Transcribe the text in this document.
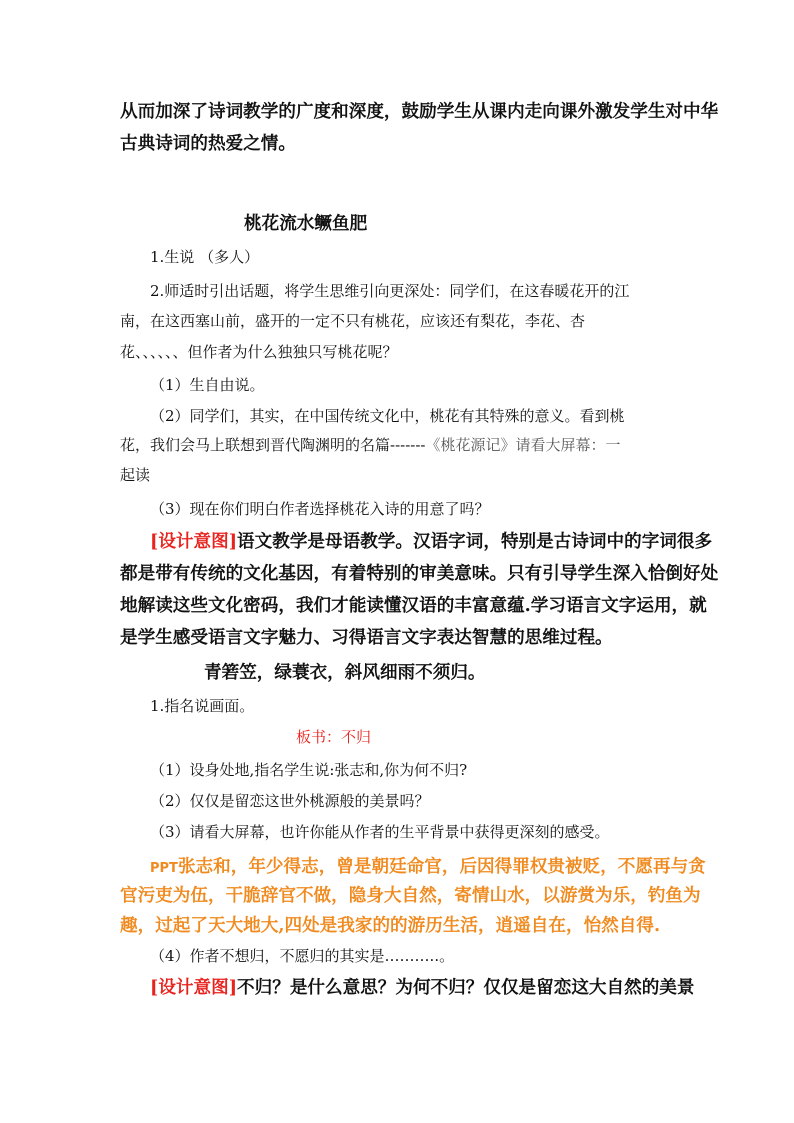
从而加深了诗词教学的广度和深度，鼓励学生从课内走向课外激发学生对中华
古典诗词的热爱之情。
桃花流水鳜鱼肥
1.生说 （多人）
2.师适时引出话题，将学生思维引向更深处：同学们，在这春暖花开的江
南，在这西塞山前，盛开的一定不只有桃花，应该还有梨花，李花、杏
花、、、、、、但作者为什么独独只写桃花呢？
（1）生自由说。
（2）同学们，其实，在中国传统文化中，桃花有其特殊的意义。看到桃
花，我们会马上联想到晋代陶渊明的名篇-------《桃花源记》请看大屏幕：一
起读
（3）现在你们明白作者选择桃花入诗的用意了吗？
[设计意图]语文教学是母语教学。汉语字词，特别是古诗词中的字词很多
都是带有传统的文化基因，有着特别的审美意味。只有引导学生深入恰倒好处
地解读这些文化密码，我们才能读懂汉语的丰富意蕴.学习语言文字运用，就
是学生感受语言文字魅力、习得语言文字表达智慧的思维过程。
青箬笠，绿蓑衣，斜风细雨不须归。
1.指名说画面。
板书：不归
（1）设身处地,指名学生说:张志和,你为何不归?
（2）仅仅是留恋这世外桃源般的美景吗？
（3）请看大屏幕，也许你能从作者的生平背景中获得更深刻的感受。
PPT张志和，年少得志，曾是朝廷命官，后因得罪权贵被贬，不愿再与贪
官污吏为伍，干脆辞官不做，隐身大自然，寄情山水，以游赏为乐，钓鱼为
趣，过起了天大地大,四处是我家的的游历生活，逍遥自在，怡然自得.
（4）作者不想归，不愿归的其实是………..。
[设计意图]不归？是什么意思？为何不归？仅仅是留恋这大自然的美景
